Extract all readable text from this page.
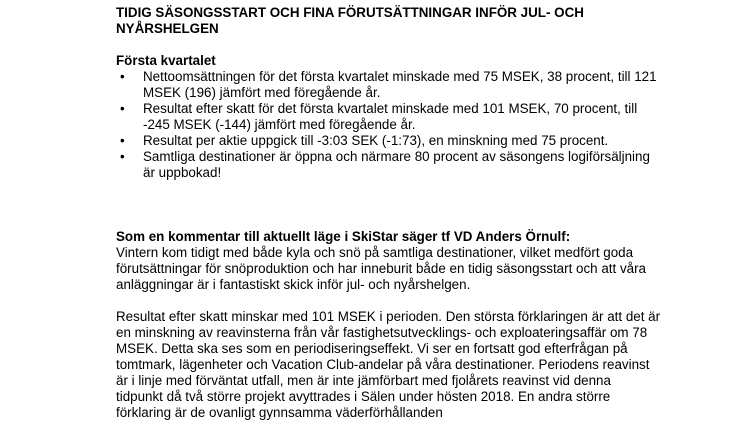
TIDIG SÄSONGSSTART OCH FINA FÖRUTSÄTTNINGAR INFÖR JUL- OCH NYÅRSHELGEN

Första kvartalet

• Nettoomsättningen för det första kvartalet minskade med 75 MSEK, 38 procent, till 121 MSEK (196) jämfört med föregående år.
• Resultat efter skatt för det första kvartalet minskade med 101 MSEK, 70 procent, till -245 MSEK (-144) jämfört med föregående år.
• Resultat per aktie uppgick till -3:03 SEK (-1:73), en minskning med 75 procent.
• Samtliga destinationer är öppna och närmare 80 procent av säsongens logiförsäljning är uppbokad!

Som en kommentar till aktuellt läge i SkiStar säger tf VD Anders Örnulf:

Vintern kom tidigt med både kyla och snö på samtliga destinationer, vilket medfört goda förutsättningar för snöproduktion och har inneburit både en tidig säsongsstart och att våra anläggningar är i fantastiskt skick inför jul- och nyårshelgen.

Resultat efter skatt minskar med 101 MSEK i perioden. Den största förklaringen är att det är en minskning av reavinsterna från vår fastighetsutvecklings- och exploateringsaffär om 78 MSEK. Detta ska ses som en periodiseringseffekt. Vi ser en fortsatt god efterfrågan på tomtmark, lägenheter och Vacation Club-andelar på våra destinationer. Periodens reavinst är i linje med förväntat utfall, men är inte jämförbart med fjolårets reavinst vid denna tidpunkt då två större projekt avyttrades i Sälen under hösten 2018. En andra större förklaring är de ovanligt gynnsamma väderförhållanden
